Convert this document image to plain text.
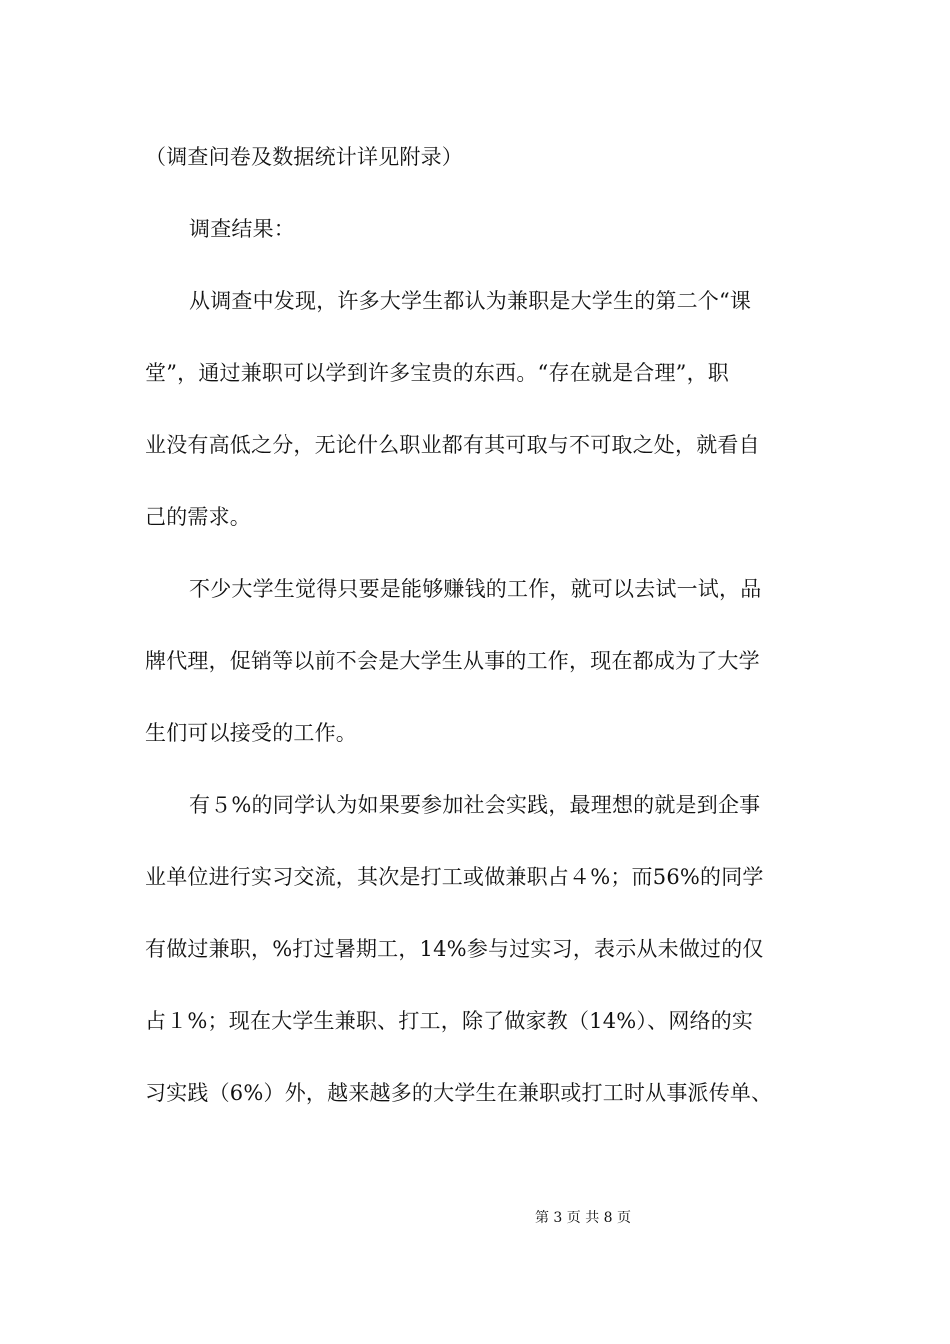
（调查问卷及数据统计详见附录）
调查结果：
从调查中发现，许多大学生都认为兼职是大学生的第二个“课
堂”，通过兼职可以学到许多宝贵的东西。“存在就是合理”，职
业没有高低之分，无论什么职业都有其可取与不可取之处，就看自
己的需求。
不少大学生觉得只要是能够赚钱的工作，就可以去试一试，品
牌代理，促销等以前不会是大学生从事的工作，现在都成为了大学
生们可以接受的工作。
有５%的同学认为如果要参加社会实践，最理想的就是到企事
业单位进行实习交流，其次是打工或做兼职占４%；而56%的同学
有做过兼职，%打过暑期工，14%参与过实习，表示从未做过的仅
占１%；现在大学生兼职、打工，除了做家教（14%）、网络的实
习实践（6%）外，越来越多的大学生在兼职或打工时从事派传单、
第 3 页 共 8 页
